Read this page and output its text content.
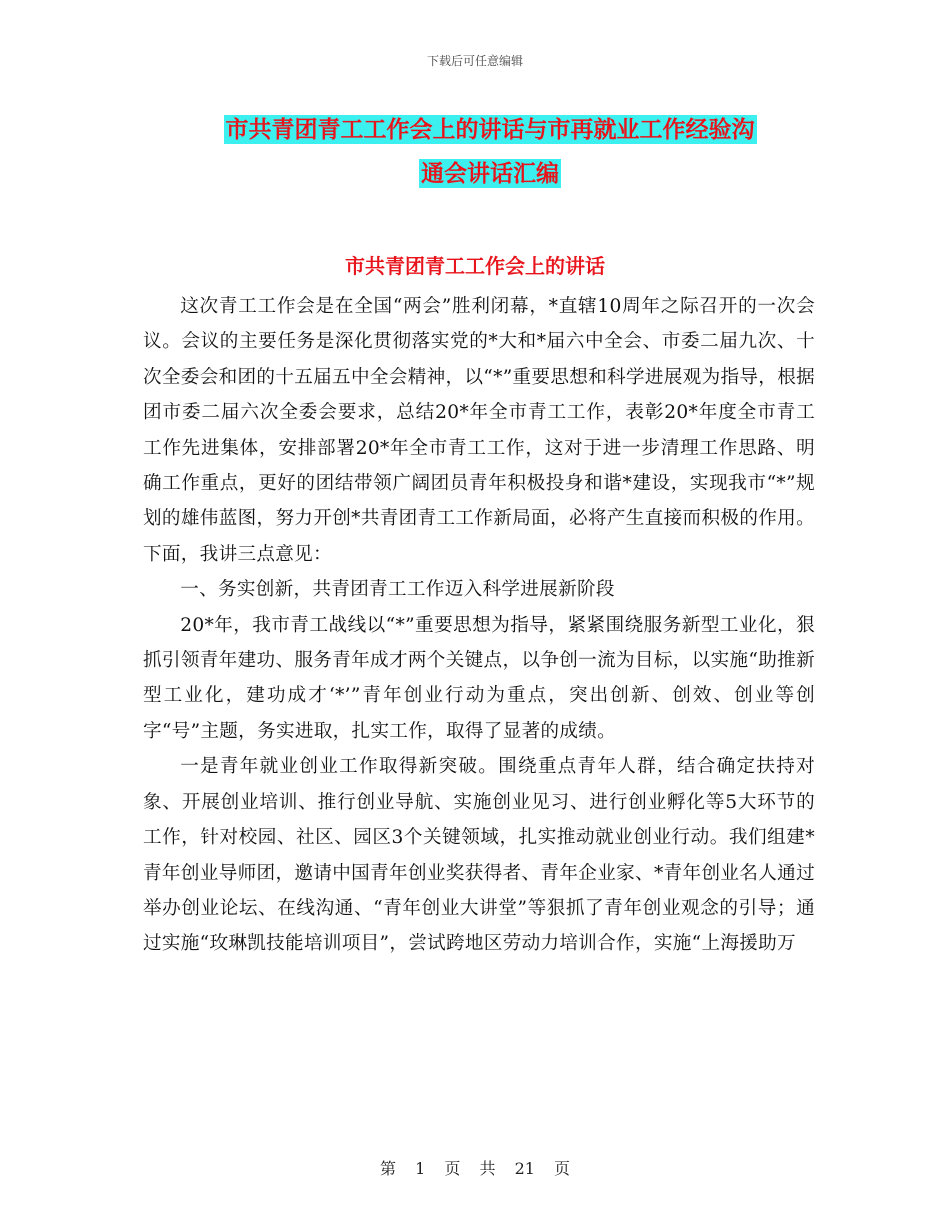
下载后可任意编辑
市共青团青工工作会上的讲话与市再就业工作经验沟
通会讲话汇编
市共青团青工工作会上的讲话

这次青工工作会是在全国“两会”胜利闭幕，*直辖10周年之际召开的一次会议。会议的主要任务是深化贯彻落实党的*大和*届六中全会、市委二届九次、十次全委会和团的十五届五中全会精神，以“*”重要思想和科学进展观为指导，根据团市委二届六次全委会要求，总结20*年全市青工工作，表彰20*年度全市青工工作先进集体，安排部署20*年全市青工工作，这对于进一步清理工作思路、明确工作重点，更好的团结带领广阔团员青年积极投身和谐*建设，实现我市“*”规划的雄伟蓝图，努力开创*共青团青工工作新局面，必将产生直接而积极的作用。下面，我讲三点意见：

一、务实创新，共青团青工工作迈入科学进展新阶段

20*年，我市青工战线以“*”重要思想为指导，紧紧围绕服务新型工业化，狠抓引领青年建功、服务青年成才两个关键点，以争创一流为目标，以实施“助推新型工业化，建功成才‘*’”青年创业行动为重点，突出创新、创效、创业等创字“号”主题，务实进取，扎实工作，取得了显著的成绩。

一是青年就业创业工作取得新突破。围绕重点青年人群，结合确定扶持对象、开展创业培训、推行创业导航、实施创业见习、进行创业孵化等5大环节的工作，针对校园、社区、园区3个关键领域，扎实推动就业创业行动。我们组建*青年创业导师团，邀请中国青年创业奖获得者、青年企业家、*青年创业名人通过举办创业论坛、在线沟通、“青年创业大讲堂”等狠抓了青年创业观念的引导；通过实施“玫琳凯技能培训项目”，尝试跨地区劳动力培训合作，实施“上海援助万

第 1 页 共 21 页
